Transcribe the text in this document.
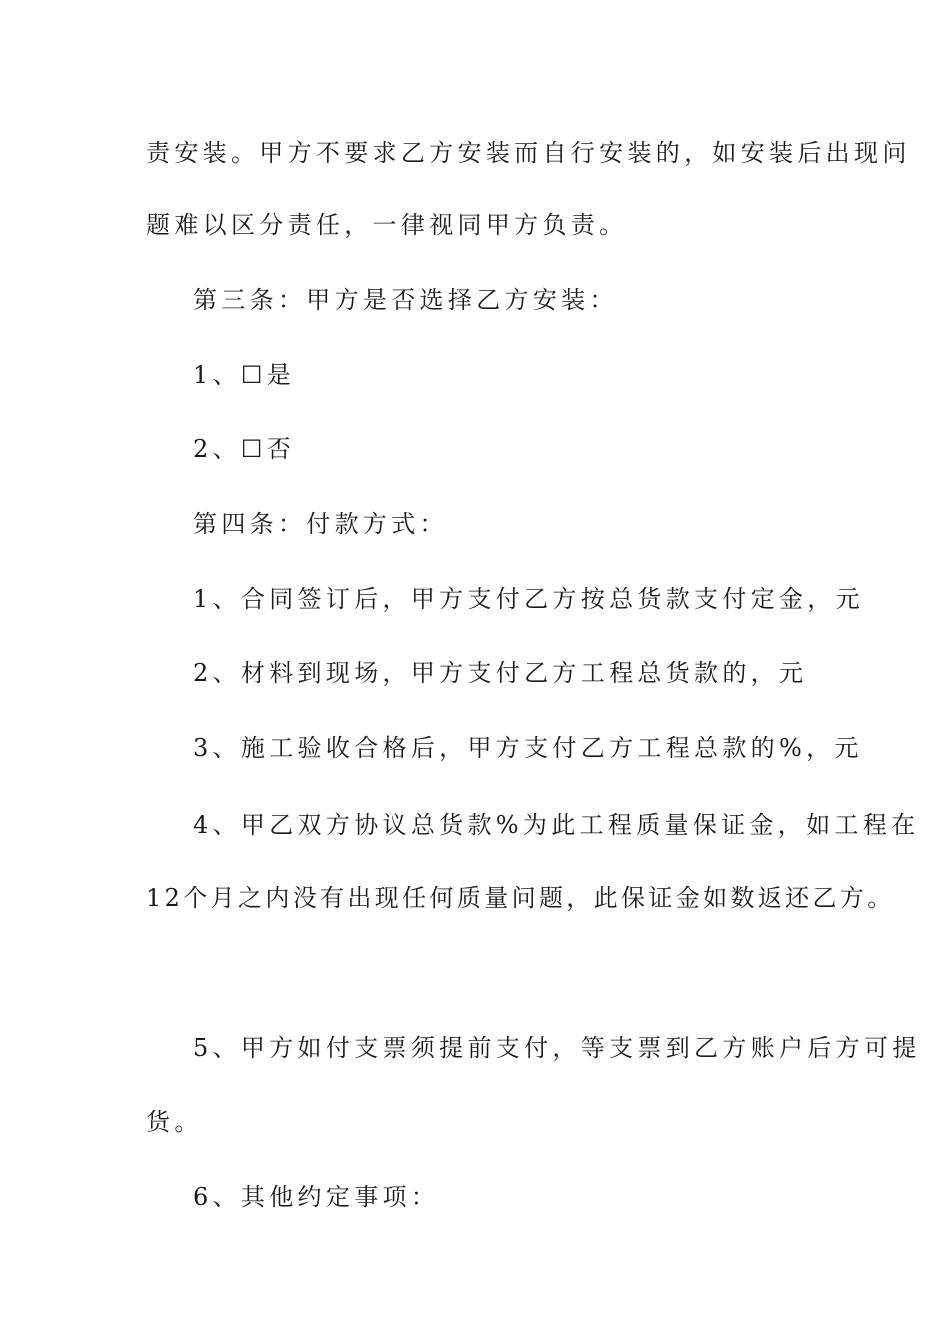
责安装。甲方不要求乙方安装而自行安装的，如安装后出现问
题难以区分责任，一律视同甲方负责。
第三条：甲方是否选择乙方安装：
1、☐是
2、☐否
第四条：付款方式：
1、合同签订后，甲方支付乙方按总货款支付定金，元
2、材料到现场，甲方支付乙方工程总货款的，元
3、施工验收合格后，甲方支付乙方工程总款的%，元
4、甲乙双方协议总货款%为此工程质量保证金，如工程在
12个月之内没有出现任何质量问题，此保证金如数返还乙方。
5、甲方如付支票须提前支付，等支票到乙方账户后方可提
货。
6、其他约定事项：
